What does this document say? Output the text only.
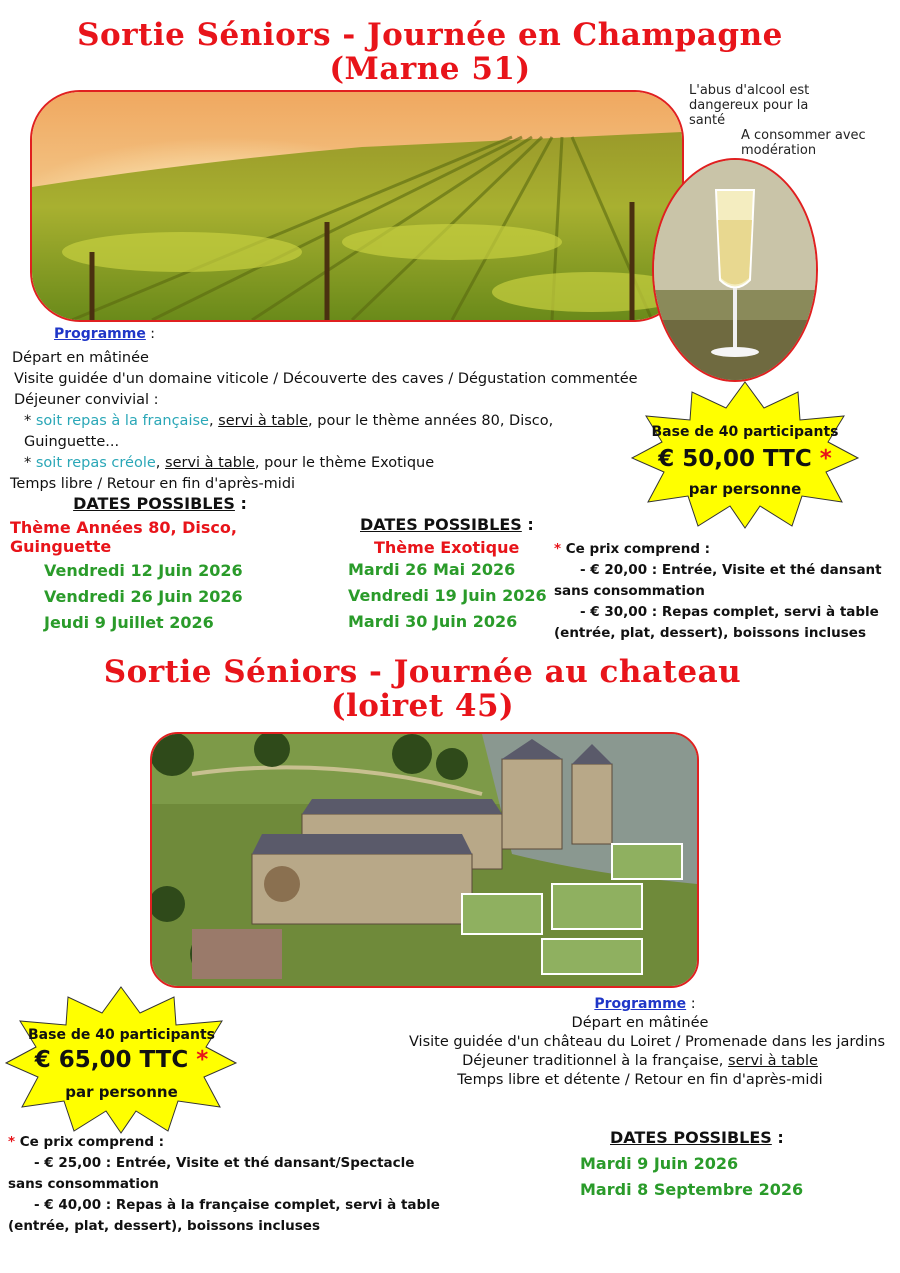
Sortie Séniors - Journée en Champagne
(Marne 51)
L'abus d'alcool est
dangereux pour la
santé
A consommer avec
modération
Programme :
Départ en mâtinée
Visite guidée d'un domaine viticole / Découverte des caves / Dégustation commentée
Déjeuner convivial :
* soit repas à la française, servi à table, pour le thème années 80, Disco, Guinguette...
* soit repas créole, servi à table, pour le thème Exotique
Temps libre / Retour en fin d'après-midi
Base de 40 participants
€ 50,00 TTC *
par personne
DATES POSSIBLES :
Thème Années 80, Disco, Guinguette
Vendredi 12 Juin 2026
Vendredi 26 Juin 2026
Jeudi 9 Juillet 2026
DATES POSSIBLES :
Thème Exotique
Mardi 26 Mai 2026
Vendredi 19 Juin 2026
Mardi 30 Juin 2026
* Ce prix comprend :
- € 20,00 : Entrée, Visite et thé dansant
sans consommation
- € 30,00 : Repas complet, servi à table
(entrée, plat, dessert), boissons incluses
Sortie Séniors - Journée au chateau
(loiret 45)
Base de 40 participants
€ 65,00 TTC *
par personne
Programme :
Départ en mâtinée
Visite guidée d'un château du Loiret / Promenade dans les jardins
Déjeuner traditionnel à la française, servi à table
Temps libre et détente / Retour en fin d'après-midi
* Ce prix comprend :
- € 25,00 : Entrée, Visite et thé dansant/Spectacle
sans consommation
- € 40,00 : Repas à la française complet, servi à table
(entrée, plat, dessert), boissons incluses
DATES POSSIBLES :
Mardi 9 Juin 2026
Mardi 8 Septembre 2026
